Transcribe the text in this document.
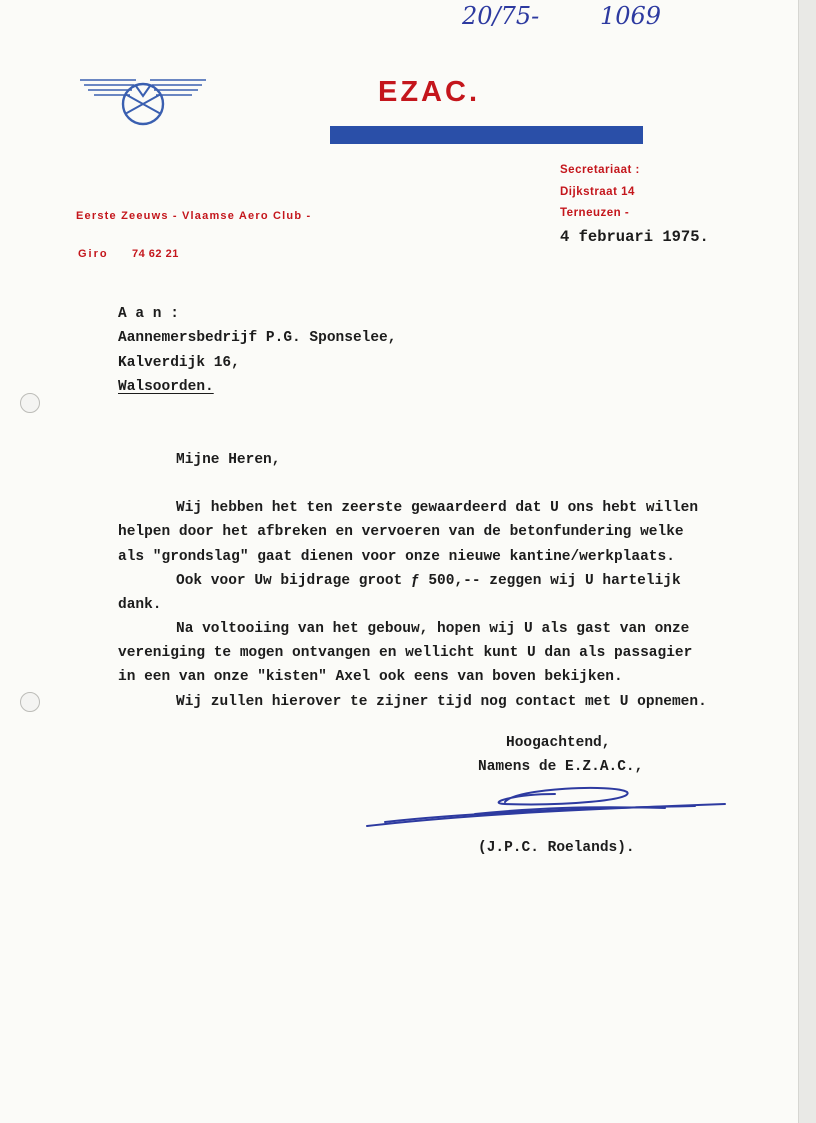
20/75-	1069
EZAC.
Secretariaat :
Dijkstraat 14
Terneuzen -
Eerste Zeeuws - Vlaamse Aero Club -
Giro 74 62 21
4 februari 1975.
A a n :
Aannemersbedrijf P.G. Sponselee,
Kalverdijk 16,
Walsoorden.
Mijne Heren,
Wij hebben het ten zeerste gewaardeerd dat U ons hebt willen
helpen door het afbreken en vervoeren van de betonfundering welke
als "grondslag" gaat dienen voor onze nieuwe kantine/werkplaats.
Ook voor Uw bijdrage groot ƒ 500,-- zeggen wij U hartelijk
dank.
Na voltooiing van het gebouw, hopen wij U als gast van onze
vereniging te mogen ontvangen en wellicht kunt U dan als passagier
in een van onze "kisten" Axel ook eens van boven bekijken.
Wij zullen hierover te zijner tijd nog contact met U opnemen.
Hoogachtend,
Namens de E.Z.A.C.,
(J.P.C. Roelands).
